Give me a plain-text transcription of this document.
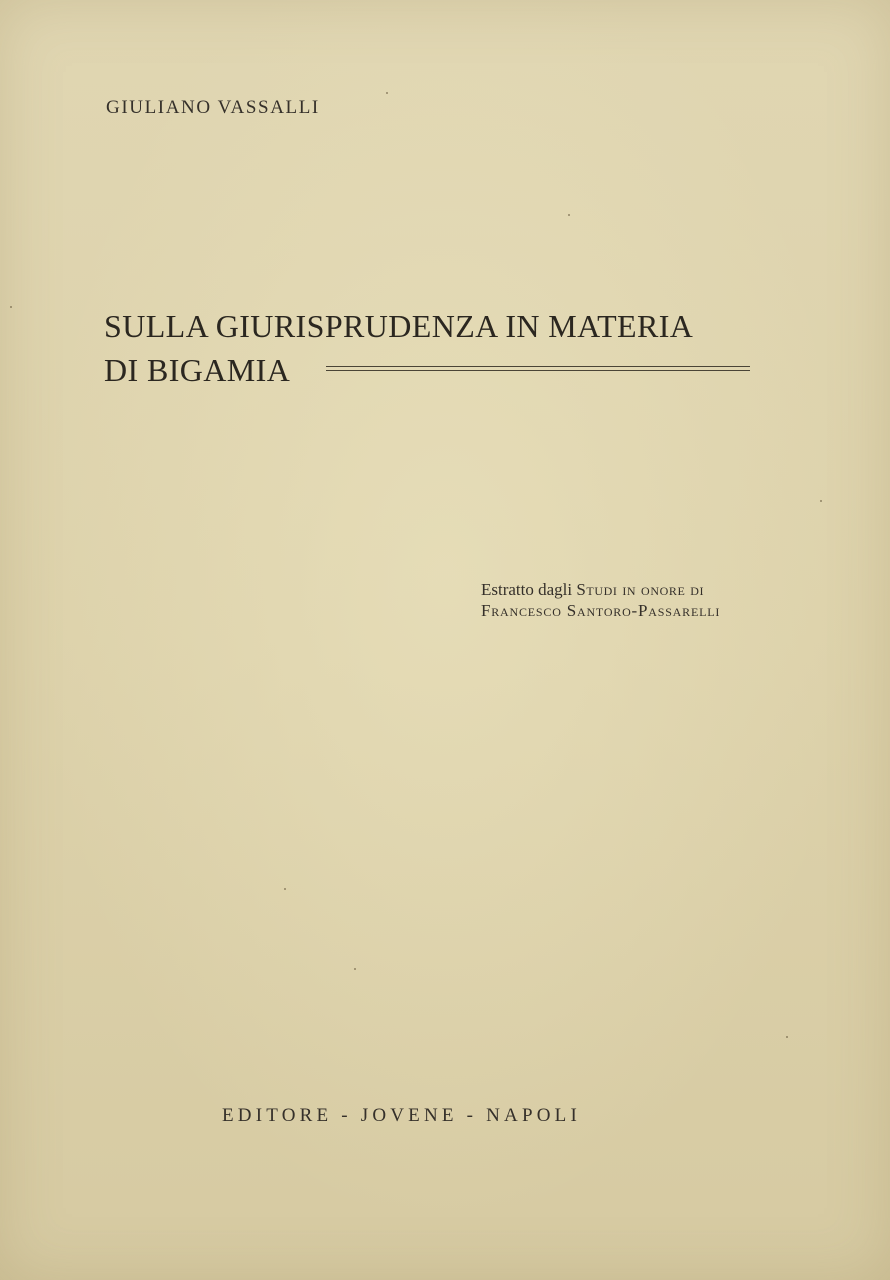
GIULIANO VASSALLI
SULLA GIURISPRUDENZA IN MATERIA
DI BIGAMIA
Estratto dagli Studi in onore di
Francesco Santoro-Passarelli
EDITORE - JOVENE - NAPOLI
